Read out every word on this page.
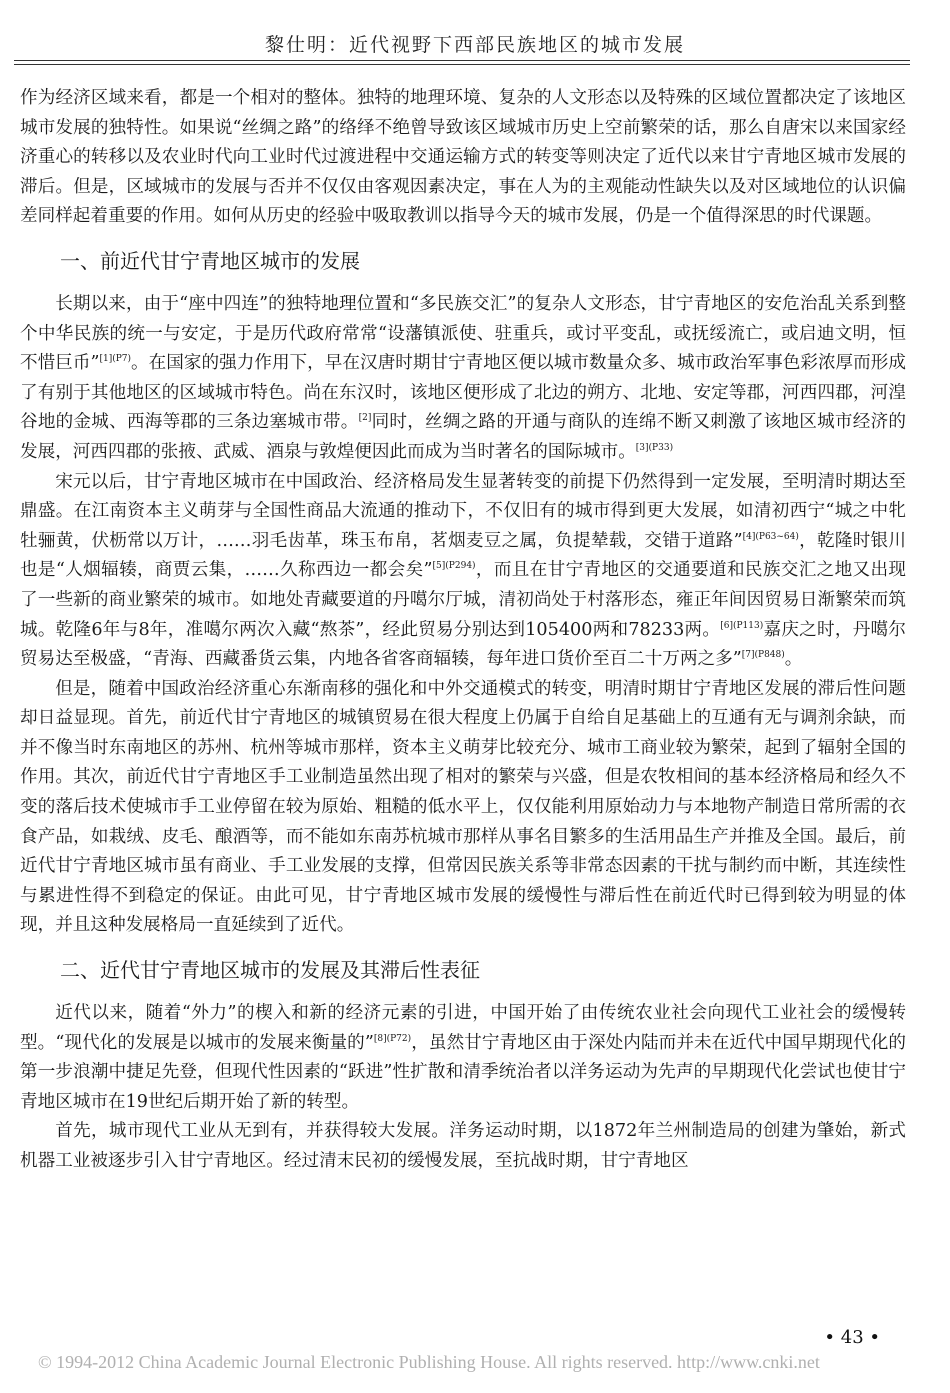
黎仕明：近代视野下西部民族地区的城市发展

作为经济区域来看，都是一个相对的整体。独特的地理环境、复杂的人文形态以及特殊的区域位置都决定了该地区城市发展的独特性。如果说“丝绸之路”的络绎不绝曾导致该区域城市历史上空前繁荣的话，那么自唐宋以来国家经济重心的转移以及农业时代向工业时代过渡进程中交通运输方式的转变等则决定了近代以来甘宁青地区城市发展的滞后。但是，区域城市的发展与否并不仅仅由客观因素决定，事在人为的主观能动性缺失以及对区域地位的认识偏差同样起着重要的作用。如何从历史的经验中吸取教训以指导今天的城市发展，仍是一个值得深思的时代课题。

一、前近代甘宁青地区城市的发展

长期以来，由于“座中四连”的独特地理位置和“多民族交汇”的复杂人文形态，甘宁青地区的安危治乱关系到整个中华民族的统一与安定，于是历代政府常常“设藩镇派使、驻重兵，或讨平变乱，或抚绥流亡，或启迪文明，恒不惜巨币”$^{[1](P7)}$。在国家的强力作用下，早在汉唐时期甘宁青地区便以城市数量众多、城市政治军事色彩浓厚而形成了有别于其他地区的区域城市特色。尚在东汉时，该地区便形成了北边的朔方、北地、安定等郡，河西四郡，河湟谷地的金城、西海等郡的三条边塞城市带。[2]同时，丝绸之路的开通与商队的连绵不断又刺激了该地区城市经济的发展，河西四郡的张掖、武威、酒泉与敦煌便因此而成为当时著名的国际城市。$^{[3](P33)}$

宋元以后，甘宁青地区城市在中国政治、经济格局发生显著转变的前提下仍然得到一定发展，至明清时期达至鼎盛。在江南资本主义萌芽与全国性商品大流通的推动下，不仅旧有的城市得到更大发展，如清初西宁“城之中牝牡骊黄，伏枥常以万计，……羽毛齿革，珠玉布帛，茗烟麦豆之属，负提辇载，交错于道路”$^{[4](P63\sim 64)}$，乾隆时银川也是“人烟辐辏，商贾云集，……久称西边一都会矣”$^{[5](P294)}$，而且在甘宁青地区的交通要道和民族交汇之地又出现了一些新的商业繁荣的城市。如地处青藏要道的丹噶尔厅城，清初尚处于村落形态，雍正年间因贸易日渐繁荣而筑城。乾隆6年与8年，准噶尔两次入藏“熬茶”，经此贸易分别达到105400两和78233两。$^{[6](P113)}$嘉庆之时，丹噶尔贸易达至极盛，“青海、西藏番货云集，内地各省客商辐辏，每年进口货价至百二十万两之多”$^{[7](P848)}$。

但是，随着中国政治经济重心东渐南移的强化和中外交通模式的转变，明清时期甘宁青地区发展的滞后性问题却日益显现。首先，前近代甘宁青地区的城镇贸易在很大程度上仍属于自给自足基础上的互通有无与调剂余缺，而并不像当时东南地区的苏州、杭州等城市那样，资本主义萌芽比较充分、城市工商业较为繁荣，起到了辐射全国的作用。其次，前近代甘宁青地区手工业制造虽然出现了相对的繁荣与兴盛，但是农牧相间的基本经济格局和经久不变的落后技术使城市手工业停留在较为原始、粗糙的低水平上，仅仅能利用原始动力与本地物产制造日常所需的衣食产品，如栽绒、皮毛、酿酒等，而不能如东南苏杭城市那样从事名目繁多的生活用品生产并推及全国。最后，前近代甘宁青地区城市虽有商业、手工业发展的支撑，但常因民族关系等非常态因素的干扰与制约而中断，其连续性与累进性得不到稳定的保证。由此可见，甘宁青地区城市发展的缓慢性与滞后性在前近代时已得到较为明显的体现，并且这种发展格局一直延续到了近代。

二、近代甘宁青地区城市的发展及其滞后性表征

近代以来，随着“外力”的楔入和新的经济元素的引进，中国开始了由传统农业社会向现代工业社会的缓慢转型。“现代化的发展是以城市的发展来衡量的”$^{[8](P72)}$，虽然甘宁青地区由于深处内陆而并未在近代中国早期现代化的第一步浪潮中捷足先登，但现代性因素的“跃进”性扩散和清季统治者以洋务运动为先声的早期现代化尝试也使甘宁青地区城市在19世纪后期开始了新的转型。

首先，城市现代工业从无到有，并获得较大发展。洋务运动时期，以1872年兰州制造局的创建为肇始，新式机器工业被逐步引入甘宁青地区。经过清末民初的缓慢发展，至抗战时期，甘宁青地区

• 43 •
© 1994-2012 China Academic Journal Electronic Publishing House. All rights reserved. http://www.cnki.net
